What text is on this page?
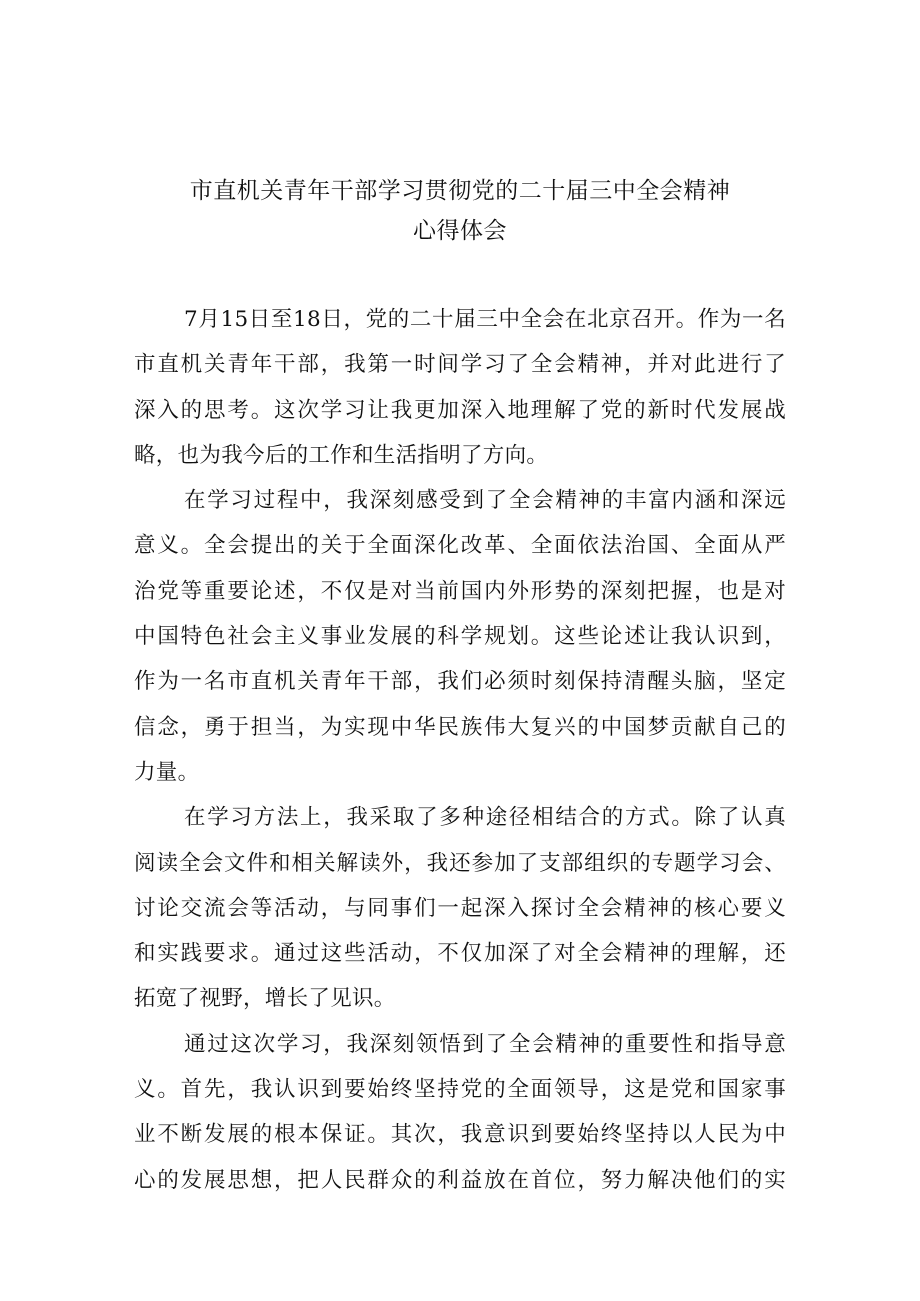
市直机关青年干部学习贯彻党的二十届三中全会精神
心得体会
7月15日至18日，党的二十届三中全会在北京召开。作为一名
市直机关青年干部，我第一时间学习了全会精神，并对此进行了
深入的思考。这次学习让我更加深入地理解了党的新时代发展战
略，也为我今后的工作和生活指明了方向。
在学习过程中，我深刻感受到了全会精神的丰富内涵和深远
意义。全会提出的关于全面深化改革、全面依法治国、全面从严
治党等重要论述，不仅是对当前国内外形势的深刻把握，也是对
中国特色社会主义事业发展的科学规划。这些论述让我认识到，
作为一名市直机关青年干部，我们必须时刻保持清醒头脑，坚定
信念，勇于担当，为实现中华民族伟大复兴的中国梦贡献自己的
力量。
在学习方法上，我采取了多种途径相结合的方式。除了认真
阅读全会文件和相关解读外，我还参加了支部组织的专题学习会、
讨论交流会等活动，与同事们一起深入探讨全会精神的核心要义
和实践要求。通过这些活动，不仅加深了对全会精神的理解，还
拓宽了视野，增长了见识。
通过这次学习，我深刻领悟到了全会精神的重要性和指导意
义。首先，我认识到要始终坚持党的全面领导，这是党和国家事
业不断发展的根本保证。其次，我意识到要始终坚持以人民为中
心的发展思想，把人民群众的利益放在首位，努力解决他们的实
